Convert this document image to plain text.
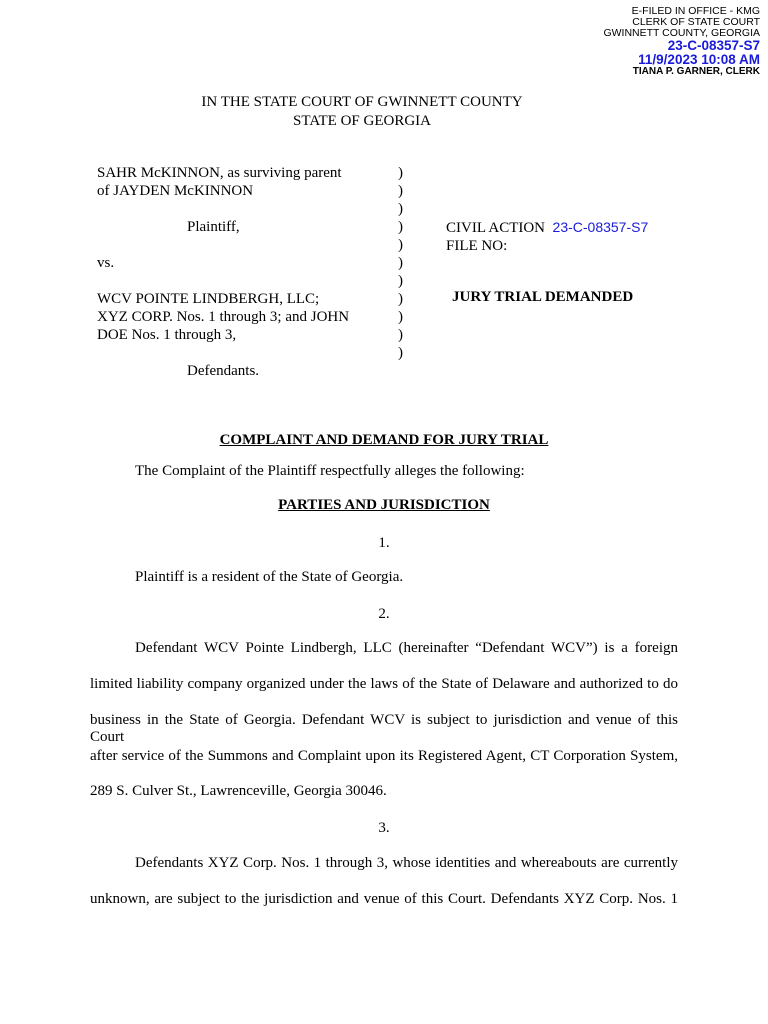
E-FILED IN OFFICE - KMG
CLERK OF STATE COURT
GWINNETT COUNTY, GEORGIA
23-C-08357-S7
11/9/2023 10:08 AM
TIANA P. GARNER, CLERK
IN THE STATE COURT OF GWINNETT COUNTY
STATE OF GEORGIA
SAHR McKINNON, as surviving parent
of JAYDEN McKINNON
Plaintiff,
vs.
WCV POINTE LINDBERGH, LLC;
XYZ CORP. Nos. 1 through 3; and JOHN
DOE Nos. 1 through 3,
Defendants.
)
)
)
)
)
)
)
)
)
)
)
CIVIL ACTION 23-C-08357-S7
FILE NO:
JURY TRIAL DEMANDED
COMPLAINT AND DEMAND FOR JURY TRIAL
The Complaint of the Plaintiff respectfully alleges the following:
PARTIES AND JURISDICTION
1.
Plaintiff is a resident of the State of Georgia.
2.
Defendant WCV Pointe Lindbergh, LLC (hereinafter “Defendant WCV”) is a foreign
limited liability company organized under the laws of the State of Delaware and authorized to do
business in the State of Georgia. Defendant WCV is subject to jurisdiction and venue of this Court
after service of the Summons and Complaint upon its Registered Agent, CT Corporation System,
289 S. Culver St., Lawrenceville, Georgia 30046.
3.
Defendants XYZ Corp. Nos. 1 through 3, whose identities and whereabouts are currently
unknown, are subject to the jurisdiction and venue of this Court. Defendants XYZ Corp. Nos. 1
